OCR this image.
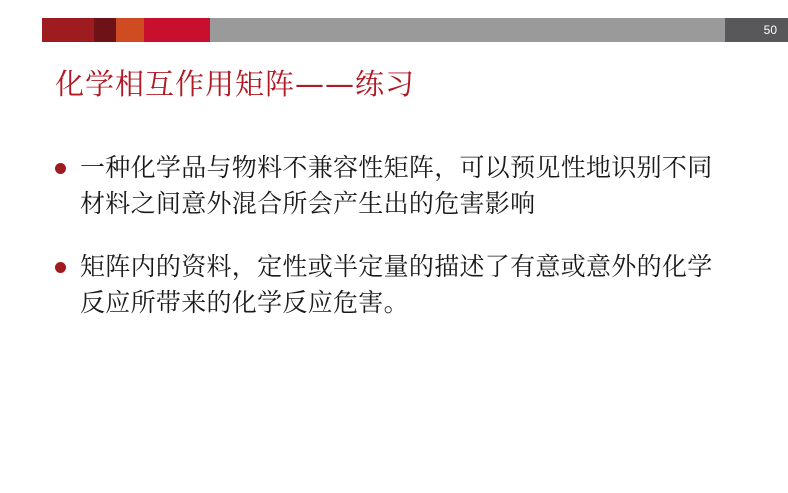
50
化学相互作用矩阵——练习
一种化学品与物料不兼容性矩阵，可以预见性地识别不同材料之间意外混合所会产生出的危害影响
矩阵内的资料，定性或半定量的描述了有意或意外的化学反应所带来的化学反应危害。
